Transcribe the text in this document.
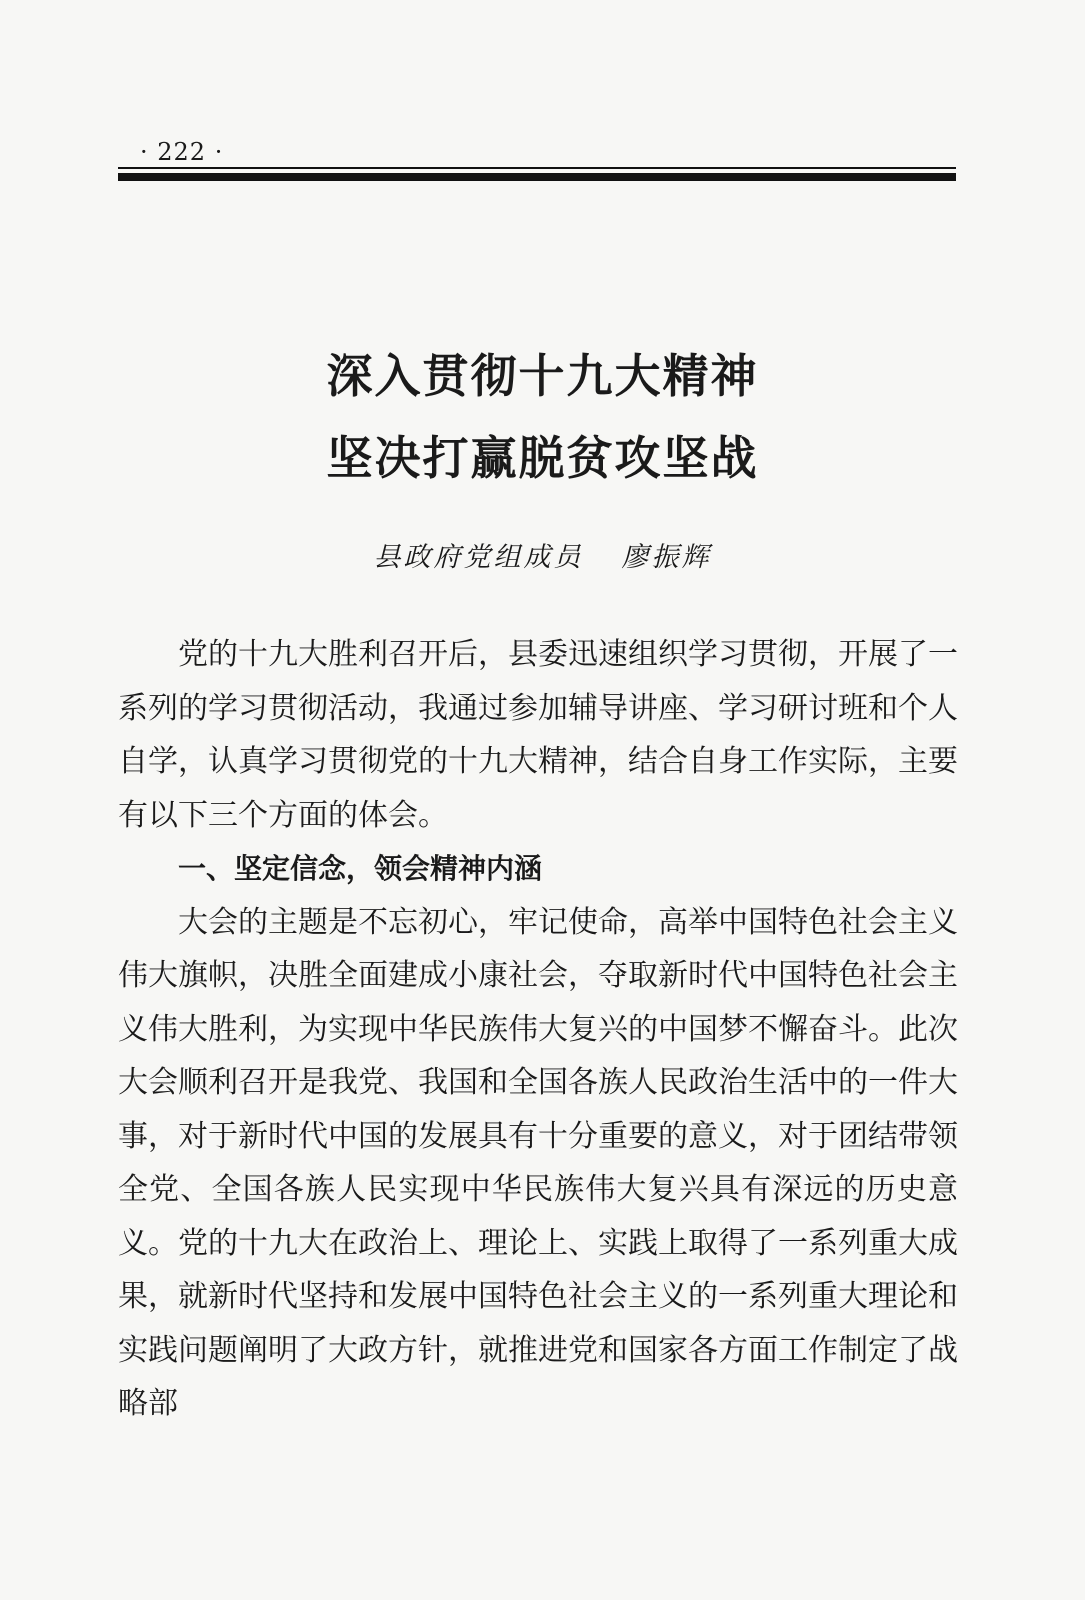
· 222 ·
深入贯彻十九大精神
坚决打赢脱贫攻坚战
县政府党组成员 廖振辉

党的十九大胜利召开后，县委迅速组织学习贯彻，开展了一系列的学习贯彻活动，我通过参加辅导讲座、学习研讨班和个人自学，认真学习贯彻党的十九大精神，结合自身工作实际，主要有以下三个方面的体会。

一、坚定信念，领会精神内涵

大会的主题是不忘初心，牢记使命，高举中国特色社会主义伟大旗帜，决胜全面建成小康社会，夺取新时代中国特色社会主义伟大胜利，为实现中华民族伟大复兴的中国梦不懈奋斗。此次大会顺利召开是我党、我国和全国各族人民政治生活中的一件大事，对于新时代中国的发展具有十分重要的意义，对于团结带领全党、全国各族人民实现中华民族伟大复兴具有深远的历史意义。党的十九大在政治上、理论上、实践上取得了一系列重大成果，就新时代坚持和发展中国特色社会主义的一系列重大理论和实践问题阐明了大政方针，就推进党和国家各方面工作制定了战略部
